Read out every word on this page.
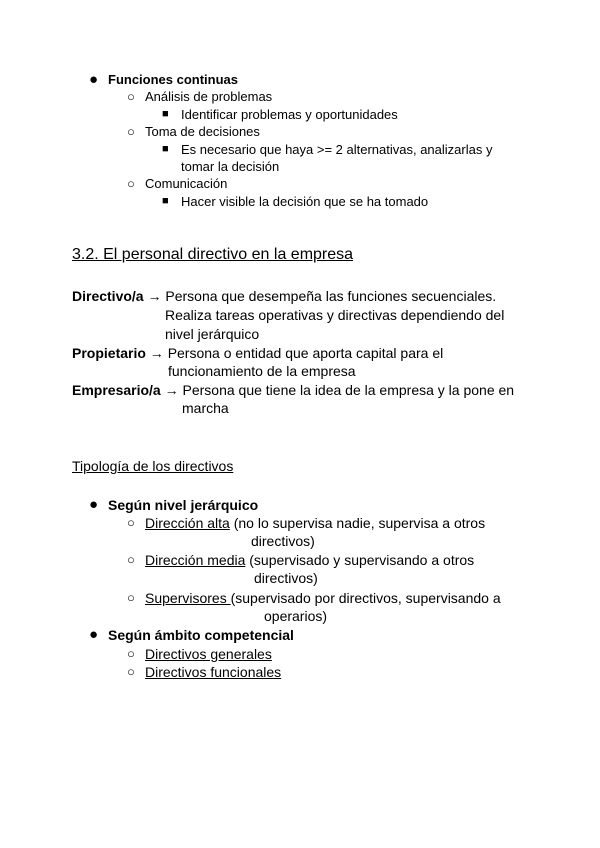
● Funciones continuas
○ Análisis de problemas
■ Identificar problemas y oportunidades
○ Toma de decisiones
■ Es necesario que haya >= 2 alternativas, analizarlas y
tomar la decisión
○ Comunicación
■ Hacer visible la decisión que se ha tomado
3.2. El personal directivo en la empresa
Directivo/a → Persona que desempeña las funciones secuenciales.
Realiza tareas operativas y directivas dependiendo del
nivel jerárquico
Propietario → Persona o entidad que aporta capital para el
funcionamiento de la empresa
Empresario/a → Persona que tiene la idea de la empresa y la pone en
marcha
Tipología de los directivos
● Según nivel jerárquico
○ Dirección alta (no lo supervisa nadie, supervisa a otros
directivos)
○ Dirección media (supervisado y supervisando a otros
directivos)
○ Supervisores (supervisado por directivos, supervisando a
operarios)
● Según ámbito competencial
○ Directivos generales
○ Directivos funcionales
